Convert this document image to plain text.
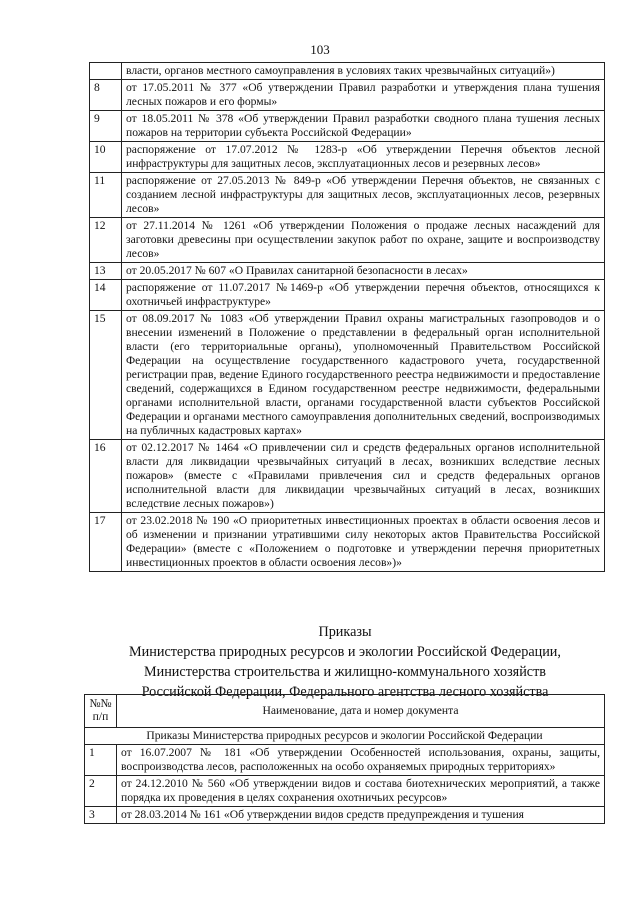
103
	власти, органов местного самоуправления в условиях таких чрезвычайных ситуаций»)
8	от 17.05.2011 № 377 «Об утверждении Правил разработки и утверждения плана тушения лесных пожаров и его формы»
9	от 18.05.2011 № 378 «Об утверждении Правил разработки сводного плана тушения лесных пожаров на территории субъекта Российской Федерации»
10	распоряжение от 17.07.2012 № 1283-р «Об утверждении Перечня объектов лесной инфраструктуры для защитных лесов, эксплуатационных лесов и резервных лесов»
11	распоряжение от 27.05.2013 № 849-р «Об утверждении Перечня объектов, не связанных с созданием лесной инфраструктуры для защитных лесов, эксплуатационных лесов, резервных лесов»
12	от 27.11.2014 № 1261 «Об утверждении Положения о продаже лесных насаждений для заготовки древесины при осуществлении закупок работ по охране, защите и воспроизводству лесов»
13	от 20.05.2017 № 607 «О Правилах санитарной безопасности в лесах»
14	распоряжение от 11.07.2017 №1469-р «Об утверждении перечня объектов, относящихся к охотничьей инфраструктуре»
15	от 08.09.2017 № 1083 «Об утверждении Правил охраны магистральных газопроводов и о внесении изменений в Положение о представлении в федеральный орган исполнительной власти (его территориальные органы), уполномоченный Правительством Российской Федерации на осуществление государственного кадастрового учета, государственной регистрации прав, ведение Единого государственного реестра недвижимости и предоставление сведений, содержащихся в Едином государственном реестре недвижимости, федеральными органами исполнительной власти, органами государственной власти субъектов Российской Федерации и органами местного самоуправления дополнительных сведений, воспроизводимых на публичных кадастровых картах»
16	от 02.12.2017 № 1464 «О привлечении сил и средств федеральных органов исполнительной власти для ликвидации чрезвычайных ситуаций в лесах, возникших вследствие лесных пожаров» (вместе с «Правилами привлечения сил и средств федеральных органов исполнительной власти для ликвидации чрезвычайных ситуаций в лесах, возникших вследствие лесных пожаров»)
17	от 23.02.2018 № 190 «О приоритетных инвестиционных проектах в области освоения лесов и об изменении и признании утратившими силу некоторых актов Правительства Российской Федерации» (вместе с «Положением о подготовке и утверждении перечня приоритетных инвестиционных проектов в области освоения лесов»)»
Приказы
Министерства природных ресурсов и экологии Российской Федерации,
Министерства строительства и жилищно-коммунального хозяйств
Российской Федерации, Федерального агентства лесного хозяйства
№№ п/п	Наименование, дата и номер документа
Приказы Министерства природных ресурсов и экологии Российской Федерации	
1	от 16.07.2007 № 181 «Об утверждении Особенностей использования, охраны, защиты, воспроизводства лесов, расположенных на особо охраняемых природных территориях»
2	от 24.12.2010 № 560 «Об утверждении видов и состава биотехнических мероприятий, а также порядка их проведения в целях сохранения охотничьих ресурсов»
3	от 28.03.2014 № 161 «Об утверждении видов средств предупреждения и тушения
